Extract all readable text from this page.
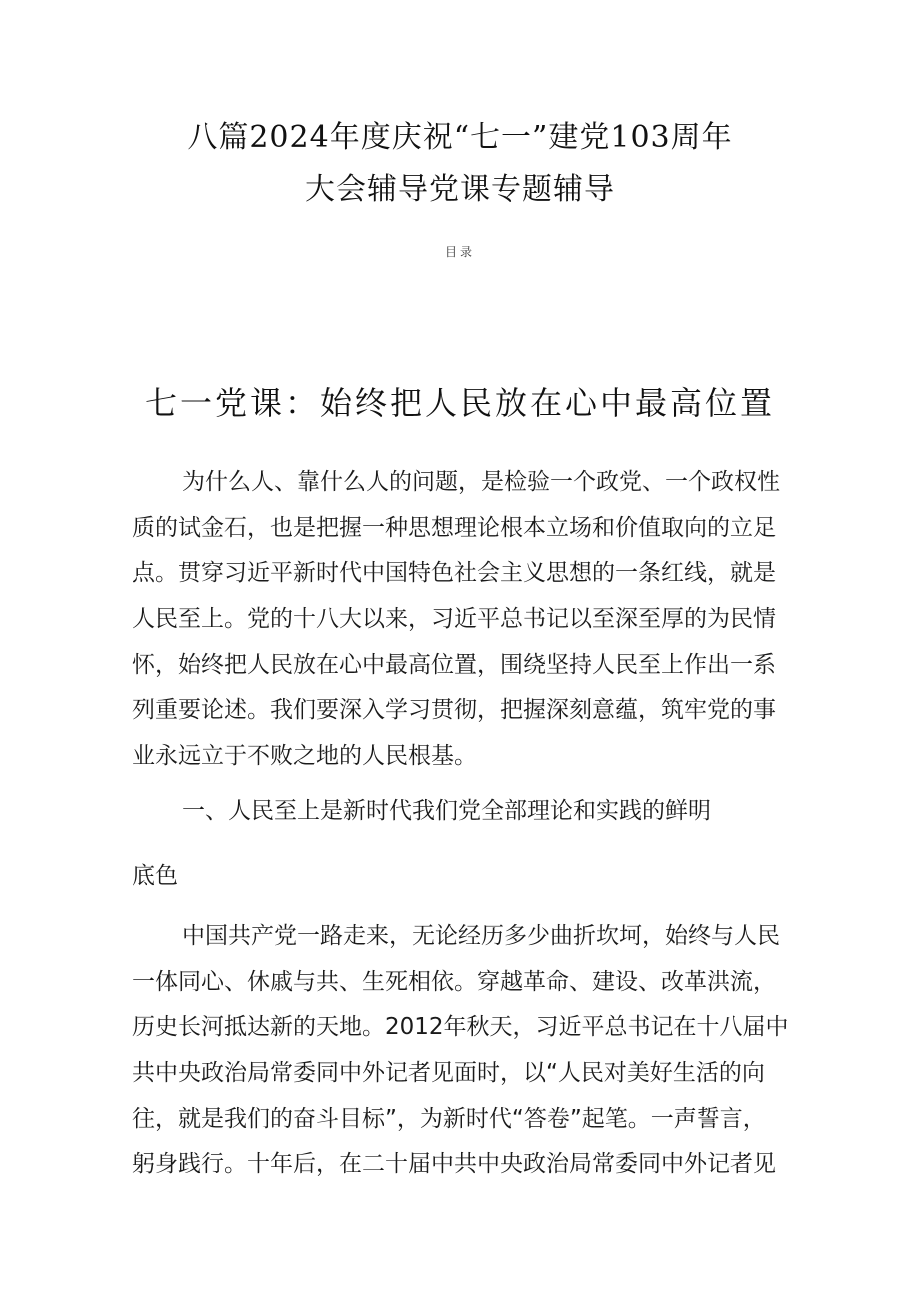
八篇2024年度庆祝“七一”建党103周年
大会辅导党课专题辅导
目录
七一党课：始终把人民放在心中最高位置
为什么人、靠什么人的问题，是检验一个政党、一个政权性
质的试金石，也是把握一种思想理论根本立场和价值取向的立足
点。贯穿习近平新时代中国特色社会主义思想的一条红线，就是
人民至上。党的十八大以来，习近平总书记以至深至厚的为民情
怀，始终把人民放在心中最高位置，围绕坚持人民至上作出一系
列重要论述。我们要深入学习贯彻，把握深刻意蕴，筑牢党的事
业永远立于不败之地的人民根基。
一、人民至上是新时代我们党全部理论和实践的鲜明
底色
中国共产党一路走来，无论经历多少曲折坎坷，始终与人民
一体同心、休戚与共、生死相依。穿越革命、建设、改革洪流，
历史长河抵达新的天地。2012年秋天，习近平总书记在十八届中
共中央政治局常委同中外记者见面时，以“人民对美好生活的向
往，就是我们的奋斗目标”，为新时代“答卷”起笔。一声誓言，
躬身践行。十年后，在二十届中共中央政治局常委同中外记者见
